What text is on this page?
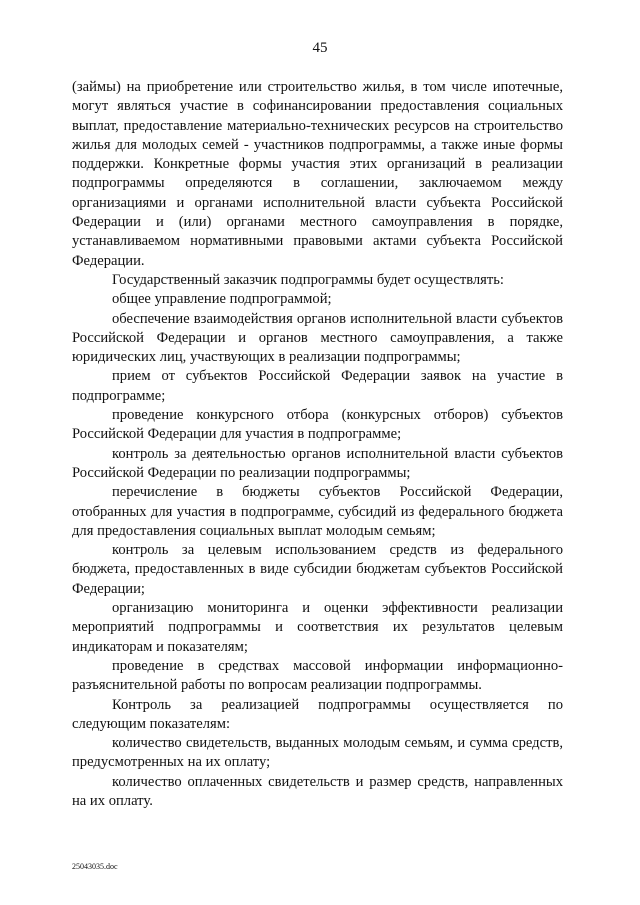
45

(займы) на приобретение или строительство жилья, в том числе ипотечные, могут являться участие в софинансировании предоставления социальных выплат, предоставление материально-технических ресурсов на строительство жилья для молодых семей - участников подпрограммы, а также иные формы поддержки. Конкретные формы участия этих организаций в реализации подпрограммы определяются в соглашении, заключаемом между организациями и органами исполнительной власти субъекта Российской Федерации и (или) органами местного самоуправления в порядке, устанавливаемом нормативными правовыми актами субъекта Российской Федерации.

Государственный заказчик подпрограммы будет осуществлять:

общее управление подпрограммой;

обеспечение взаимодействия органов исполнительной власти субъектов Российской Федерации и органов местного самоуправления, а также юридических лиц, участвующих в реализации подпрограммы;

прием от субъектов Российской Федерации заявок на участие в подпрограмме;

проведение конкурсного отбора (конкурсных отборов) субъектов Российской Федерации для участия в подпрограмме;

контроль за деятельностью органов исполнительной власти субъектов Российской Федерации по реализации подпрограммы;

перечисление в бюджеты субъектов Российской Федерации, отобранных для участия в подпрограмме, субсидий из федерального бюджета для предоставления социальных выплат молодым семьям;

контроль за целевым использованием средств из федерального бюджета, предоставленных в виде субсидии бюджетам субъектов Российской Федерации;

организацию мониторинга и оценки эффективности реализации мероприятий подпрограммы и соответствия их результатов целевым индикаторам и показателям;

проведение в средствах массовой информации информационно-разъяснительной работы по вопросам реализации подпрограммы.

Контроль за реализацией подпрограммы осуществляется по следующим показателям:

количество свидетельств, выданных молодым семьям, и сумма средств, предусмотренных на их оплату;

количество оплаченных свидетельств и размер средств, направленных на их оплату.

25043035.doc
